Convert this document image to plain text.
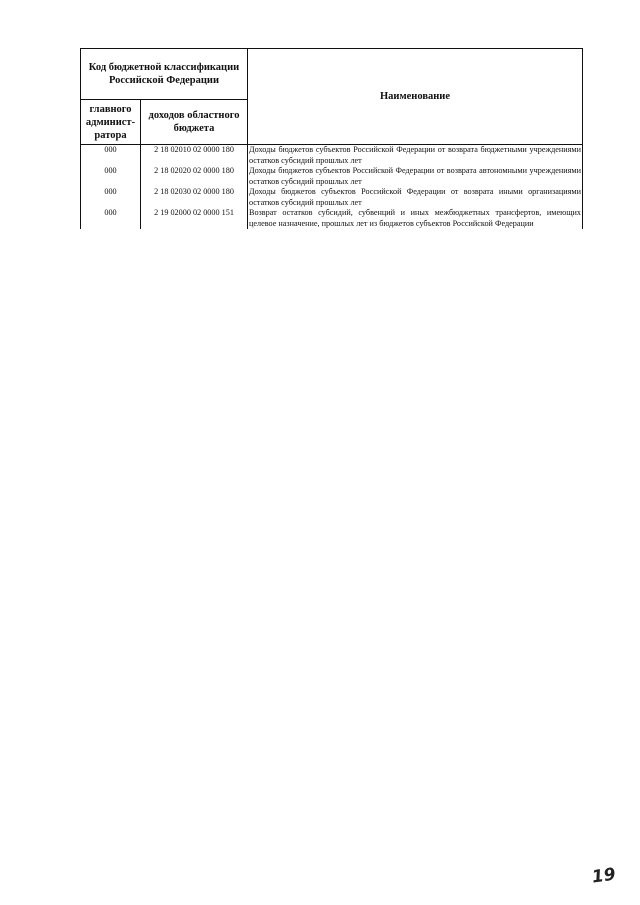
Код бюджетной классификации Российской Федерации		Наименование
главного админист-ратора	доходов областного бюджета	
000	2 18 02010 02 0000 180	Доходы бюджетов субъектов Российской Федерации от возврата бюджетными учреждениями остатков субсидий прошлых лет
000	2 18 02020 02 0000 180	Доходы бюджетов субъектов Российской Федерации от возврата автономными учреждениями остатков субсидий прошлых лет
000	2 18 02030 02 0000 180	Доходы бюджетов субъектов Российской Федерации от возврата иными организациями остатков субсидий прошлых лет
000	2 19 02000 02 0000 151	Возврат остатков субсидий, субвенций и иных межбюджетных трансфертов, имеющих целевое назначение, прошлых лет из бюджетов субъектов Российской Федерации
19
